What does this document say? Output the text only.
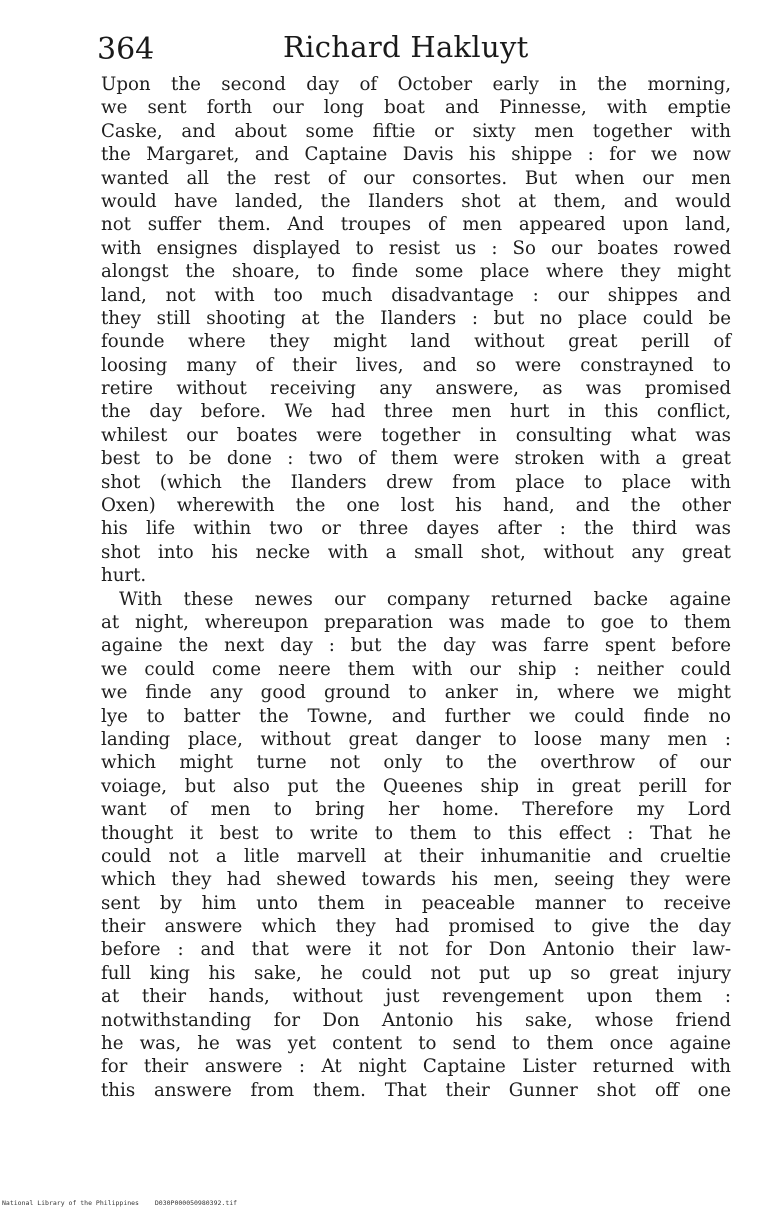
364	Richard Hakluyt
Upon the second day of October early in the morning,
we sent forth our long boat and Pinnesse, with emptie
Caske, and about some fiftie or sixty men together with
the Margaret, and Captaine Davis his shippe : for we now
wanted all the rest of our consortes. But when our men
would have landed, the Ilanders shot at them, and would
not suffer them. And troupes of men appeared upon land,
with ensignes displayed to resist us : So our boates rowed
alongst the shoare, to finde some place where they might
land, not with too much disadvantage : our shippes and
they still shooting at the Ilanders : but no place could be
founde where they might land without great perill of
loosing many of their lives, and so were constrayned to
retire without receiving any answere, as was promised
the day before. We had three men hurt in this conflict,
whilest our boates were together in consulting what was
best to be done : two of them were stroken with a great
shot (which the Ilanders drew from place to place with
Oxen) wherewith the one lost his hand, and the other
his life within two or three dayes after : the third was
shot into his necke with a small shot, without any great
hurt.
With these newes our company returned backe againe
at night, whereupon preparation was made to goe to them
againe the next day : but the day was farre spent before
we could come neere them with our ship : neither could
we finde any good ground to anker in, where we might
lye to batter the Towne, and further we could finde no
landing place, without great danger to loose many men :
which might turne not only to the overthrow of our
voiage, but also put the Queenes ship in great perill for
want of men to bring her home. Therefore my Lord
thought it best to write to them to this effect : That he
could not a litle marvell at their inhumanitie and crueltie
which they had shewed towards his men, seeing they were
sent by him unto them in peaceable manner to receive
their answere which they had promised to give the day
before : and that were it not for Don Antonio their law-
full king his sake, he could not put up so great injury
at their hands, without just revengement upon them :
notwithstanding for Don Antonio his sake, whose friend
he was, he was yet content to send to them once againe
for their answere : At night Captaine Lister returned with
this answere from them. That their Gunner shot off one
National Library of the Philippines D030P000050980392.tif
